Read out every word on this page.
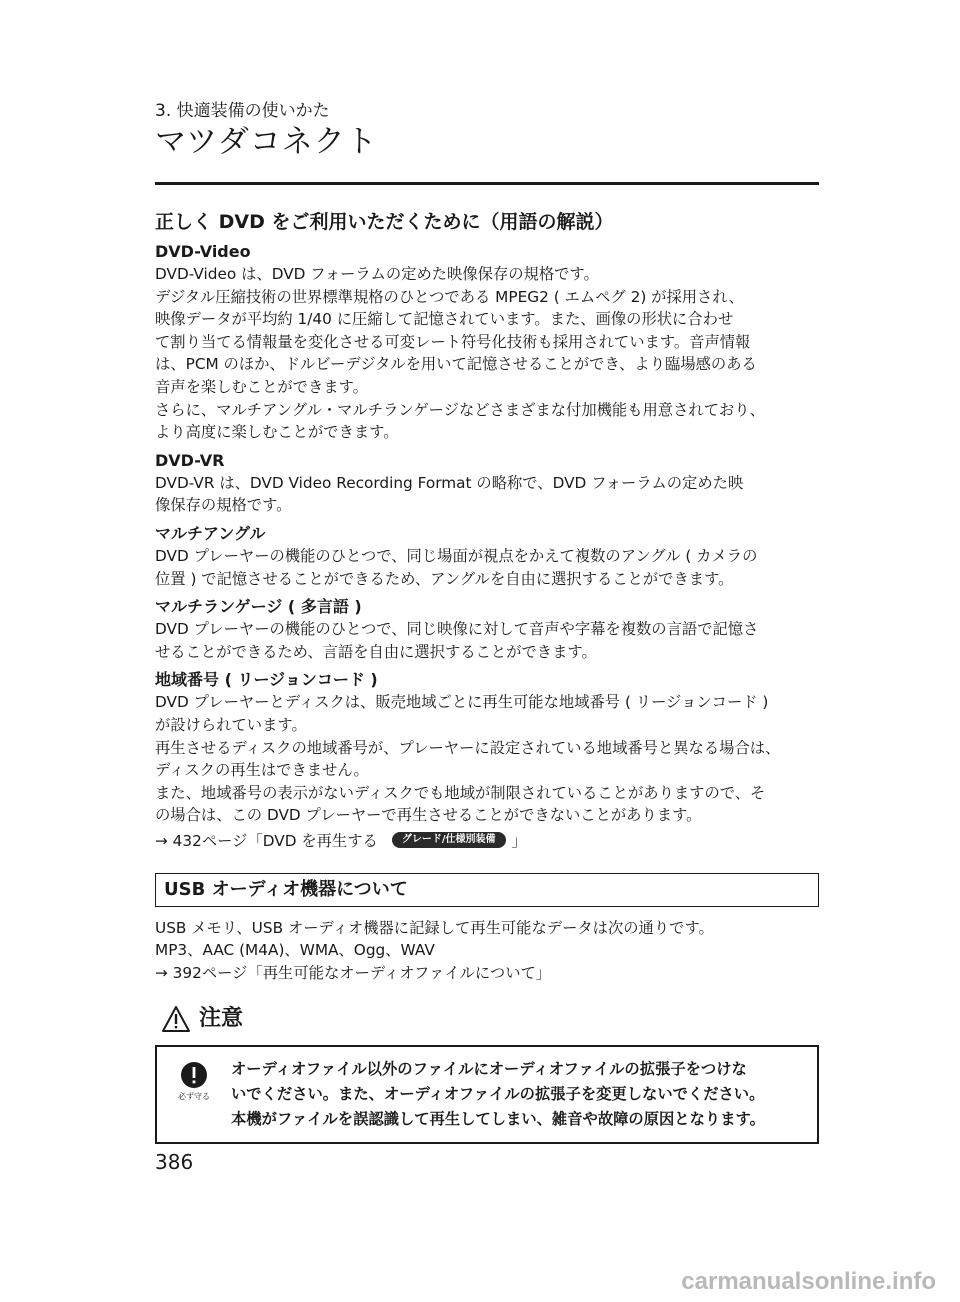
3. 快適装備の使いかた
マツダコネクト
正しく DVD をご利用いただくために（用語の解説）
DVD-Video

DVD-Video は、DVD フォーラムの定めた映像保存の規格です。

デジタル圧縮技術の世界標準規格のひとつである MPEG2 ( エムペグ 2) が採用され、

映像データが平均約 1/40 に圧縮して記憶されています。また、画像の形状に合わせ

て割り当てる情報量を変化させる可変レート符号化技術も採用されています。音声情報

は、PCM のほか、ドルビーデジタルを用いて記憶させることができ、より臨場感のある

音声を楽しむことができます。

さらに、マルチアングル・マルチランゲージなどさまざまな付加機能も用意されており、

より高度に楽しむことができます。

DVD-VR

DVD-VR は、DVD Video Recording Format の略称で、DVD フォーラムの定めた映

像保存の規格です。

マルチアングル

DVD プレーヤーの機能のひとつで、同じ場面が視点をかえて複数のアングル ( カメラの

位置 ) で記憶させることができるため、アングルを自由に選択することができます。

マルチランゲージ ( 多言語 )

DVD プレーヤーの機能のひとつで、同じ映像に対して音声や字幕を複数の言語で記憶さ

せることができるため、言語を自由に選択することができます。

地域番号 ( リージョンコード )

DVD プレーヤーとディスクは、販売地域ごとに再生可能な地域番号 ( リージョンコード )

が設けられています。

再生させるディスクの地域番号が、プレーヤーに設定されている地域番号と異なる場合は、

ディスクの再生はできません。

また、地域番号の表示がないディスクでも地域が制限されていることがありますので、そ

の場合は、この DVD プレーヤーで再生させることができないことがあります。

→ 432ページ「DVD を再生する グレード/仕様別装備 」
USB オーディオ機器について

USB メモリ、USB オーディオ機器に記録して再生可能なデータは次の通りです。

MP3、AAC (M4A)、WMA、Ogg、WAV

→ 392ページ「再生可能なオーディオファイルについて」

注意
必ず守る
オーディオファイル以外のファイルにオーディオファイルの拡張子をつけな
いでください。また、オーディオファイルの拡張子を変更しないでください。
本機がファイルを誤認識して再生してしまい、雑音や故障の原因となります。
386
carmanualsonline.info
